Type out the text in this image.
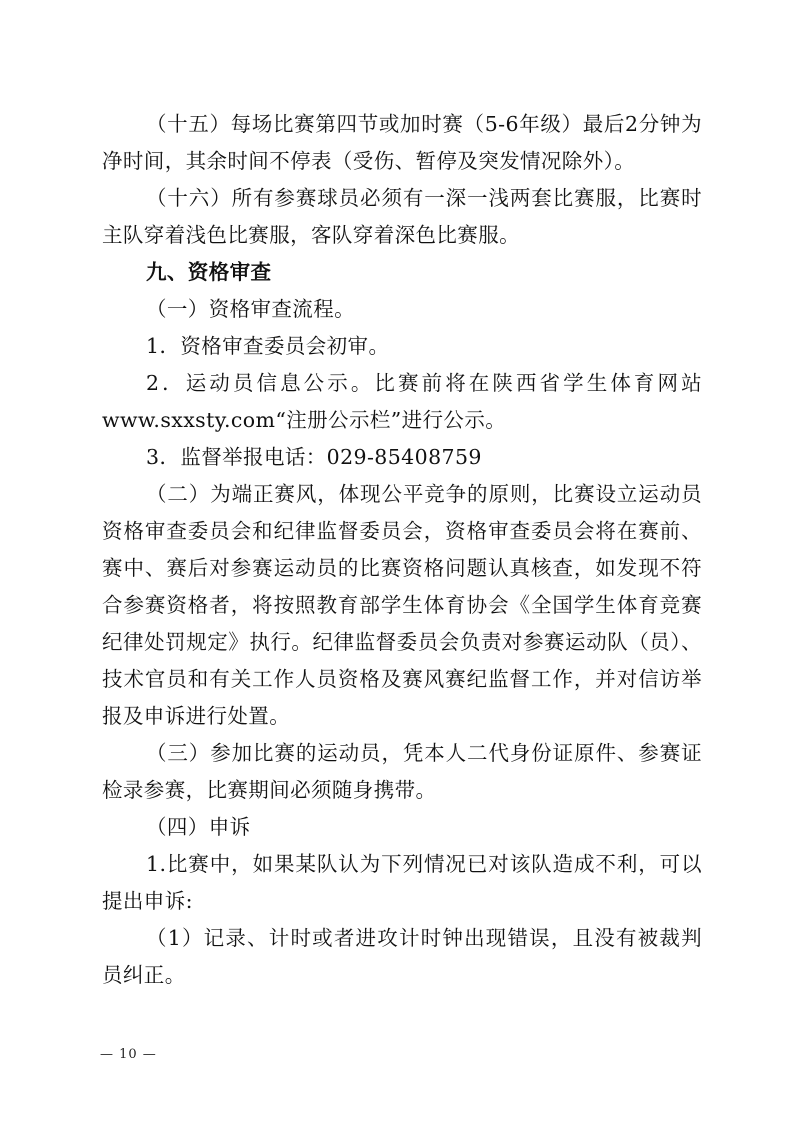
（十五）每场比赛第四节或加时赛（5-6年级）最后2分钟为
净时间，其余时间不停表（受伤、暂停及突发情况除外）。
（十六）所有参赛球员必须有一深一浅两套比赛服，比赛时
主队穿着浅色比赛服，客队穿着深色比赛服。
九、资格审查
（一）资格审查流程。
1．资格审查委员会初审。
2．运动员信息公示。比赛前将在陕西省学生体育网站
www.sxxsty.com“注册公示栏”进行公示。
3．监督举报电话：029-85408759
（二）为端正赛风，体现公平竞争的原则，比赛设立运动员
资格审查委员会和纪律监督委员会，资格审查委员会将在赛前、
赛中、赛后对参赛运动员的比赛资格问题认真核查，如发现不符
合参赛资格者，将按照教育部学生体育协会《全国学生体育竞赛
纪律处罚规定》执行。纪律监督委员会负责对参赛运动队（员）、
技术官员和有关工作人员资格及赛风赛纪监督工作，并对信访举
报及申诉进行处置。
（三）参加比赛的运动员，凭本人二代身份证原件、参赛证
检录参赛，比赛期间必须随身携带。
（四）申诉
1.比赛中，如果某队认为下列情况已对该队造成不利，可以
提出申诉:
（1）记录、计时或者进攻计时钟出现错误，且没有被裁判
员纠正。
— 10 —
